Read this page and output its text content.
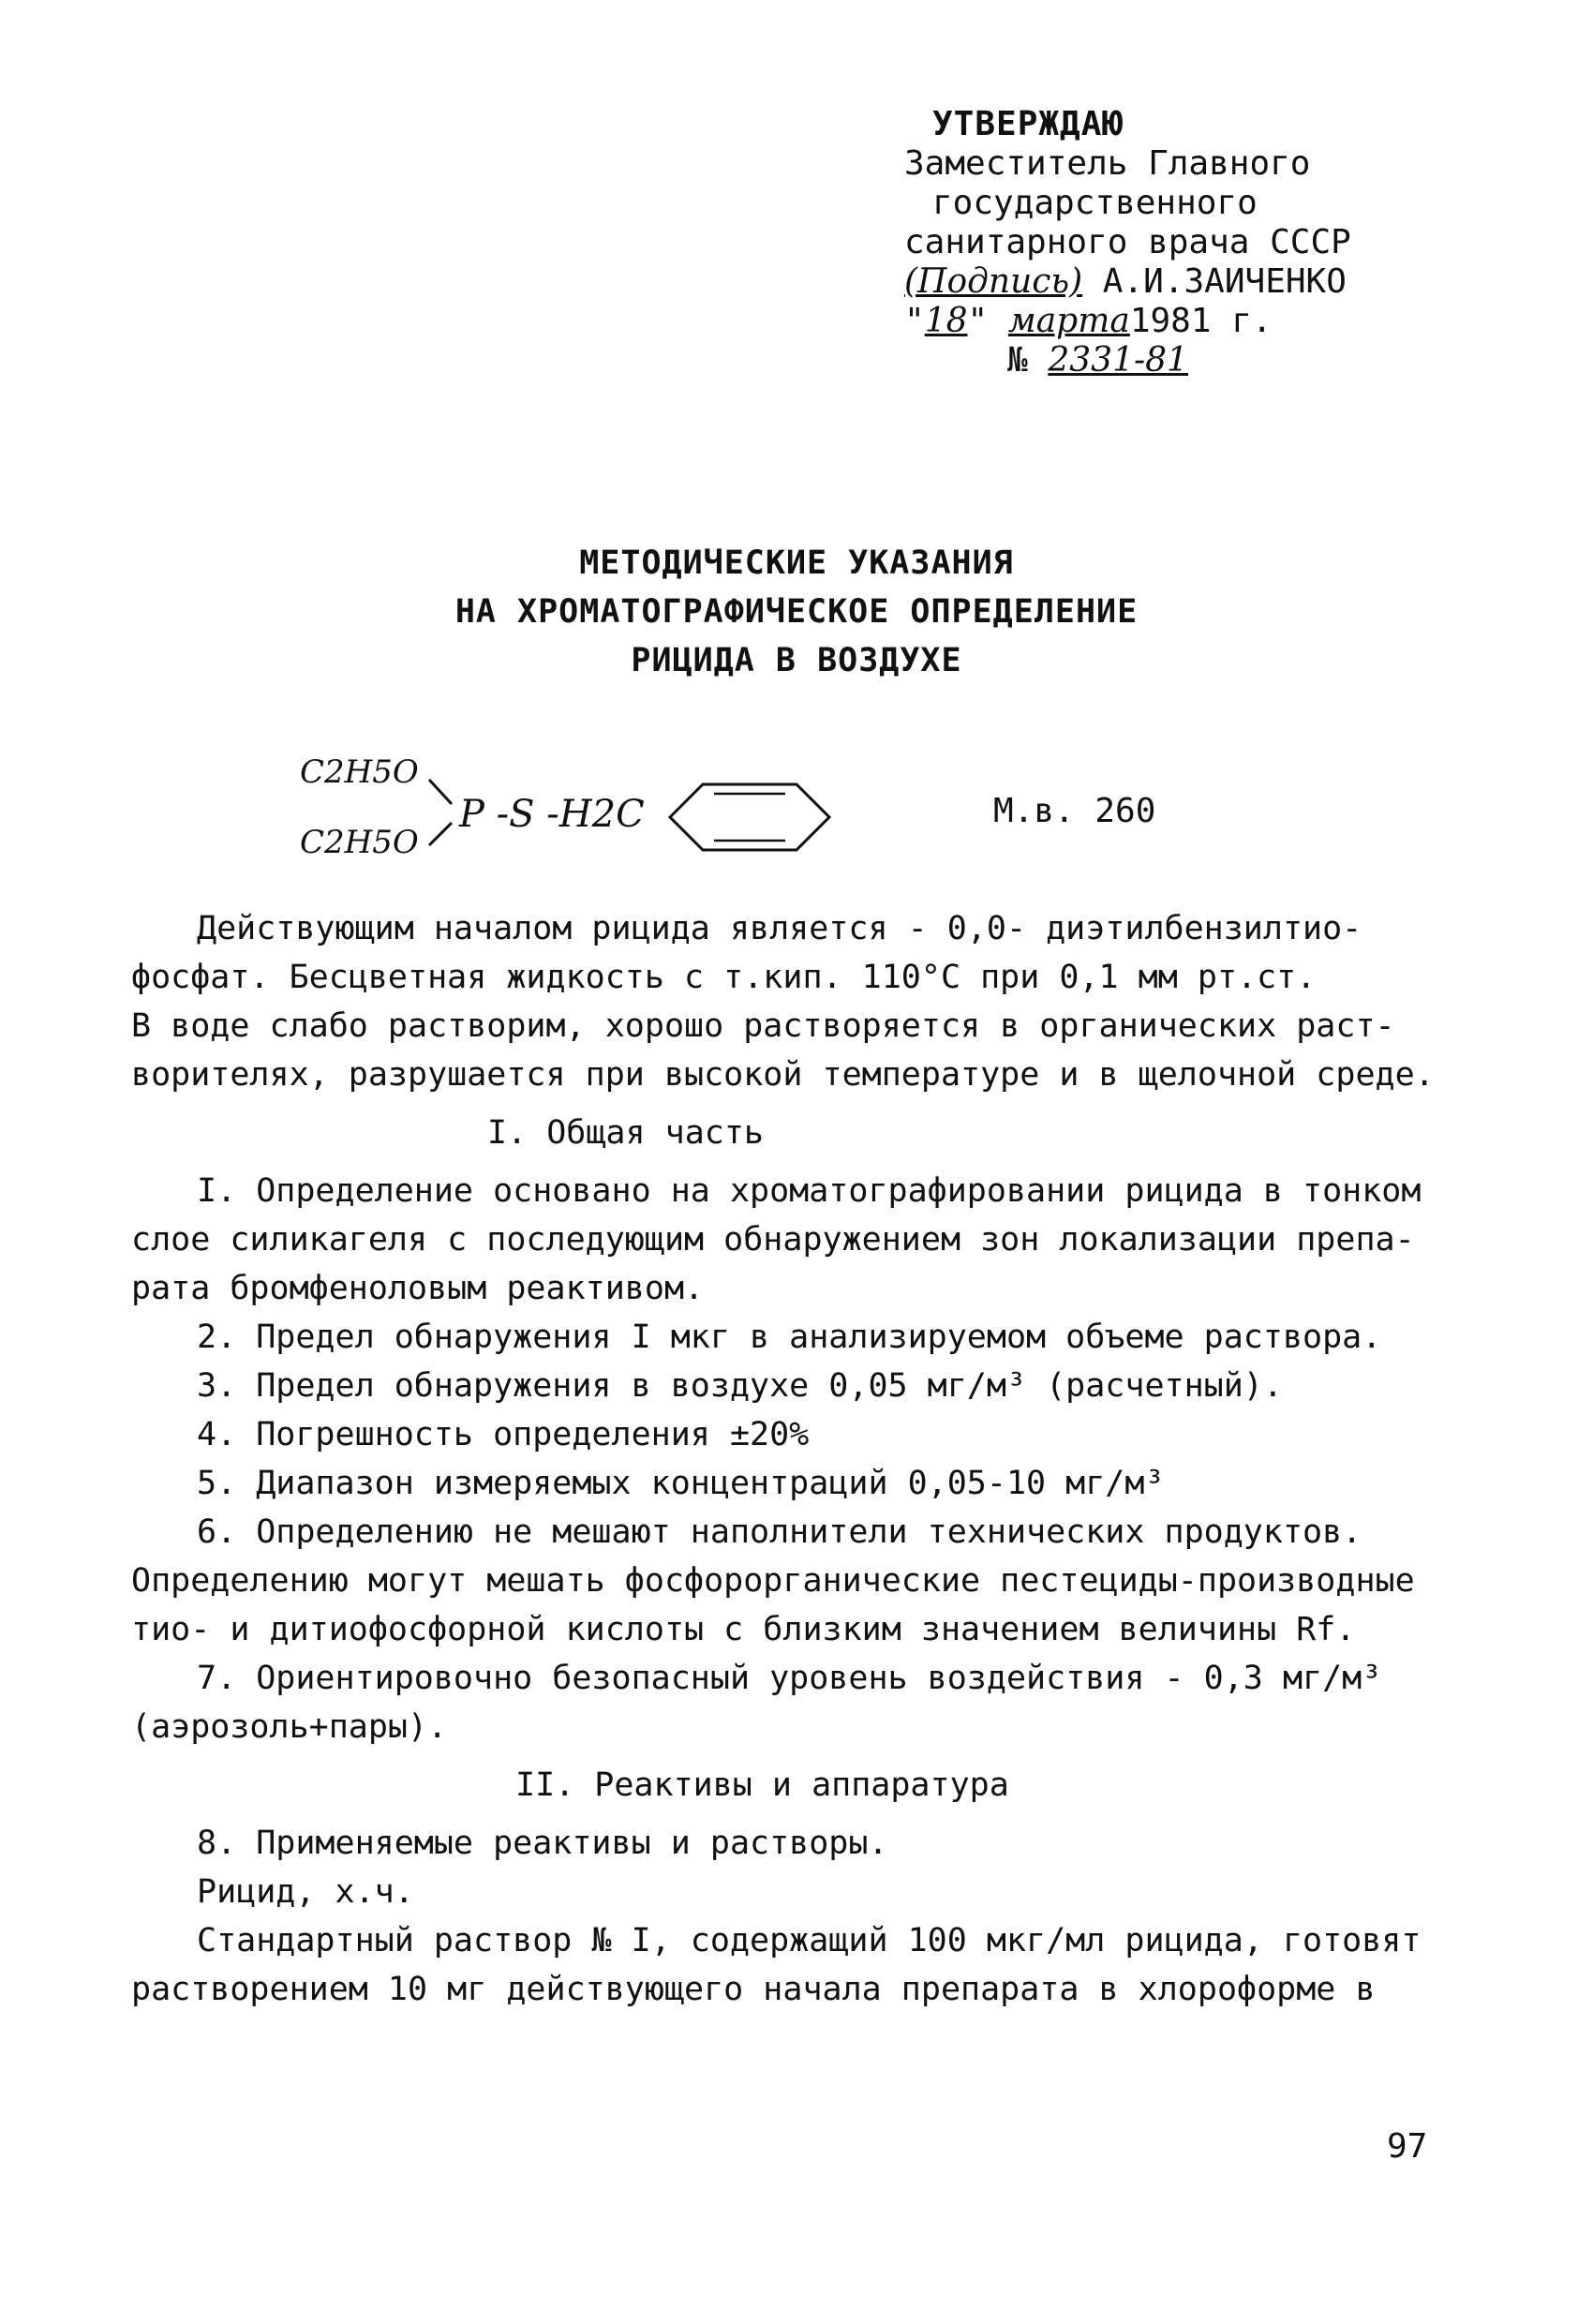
УТВЕРЖДАЮ
Заместитель Главного
государственного
санитарного врача СССР
(Подпись) А.И.ЗАИЧЕНКО
"18" марта1981 г.
№ 2331-81
МЕТОДИЧЕСКИЕ УКАЗАНИЯ
НА ХРОМАТОГРАФИЧЕСКОЕ ОПРЕДЕЛЕНИЕ
РИЦИДА В ВОЗДУХЕ
C2H5O
C2H5O
P -S -H2C	М.в. 260

Действующим началом рицида является - 0,0- диэтилбензилтио-

фосфат. Бесцветная жидкость с т.кип. 110°C при 0,1 мм рт.ст.

В воде слабо растворим, хорошо растворяется в органических раст-

ворителях, разрушается при высокой температуре и в щелочной среде.

I. Общая часть

I. Определение основано на хроматографировании рицида в тонком

слое силикагеля с последующим обнаружением зон локализации препа-

рата бромфеноловым реактивом.

2. Предел обнаружения I мкг в анализируемом объеме раствора.

3. Предел обнаружения в воздухе 0,05 мг/м³ (расчетный).

4. Погрешность определения ±20%

5. Диапазон измеряемых концентраций 0,05-10 мг/м³

6. Определению не мешают наполнители технических продуктов.

Определению могут мешать фосфорорганические пестециды-производные

тио- и дитиофосфорной кислоты с близким значением величины Rf.

7. Ориентировочно безопасный уровень воздействия - 0,3 мг/м³

(аэрозоль+пары).

II. Реактивы и аппаратура

8. Применяемые реактивы и растворы.

Рицид, х.ч.

Стандартный раствор № I, содержащий 100 мкг/мл рицида, готовят

растворением 10 мг действующего начала препарата в хлороформе в

97
